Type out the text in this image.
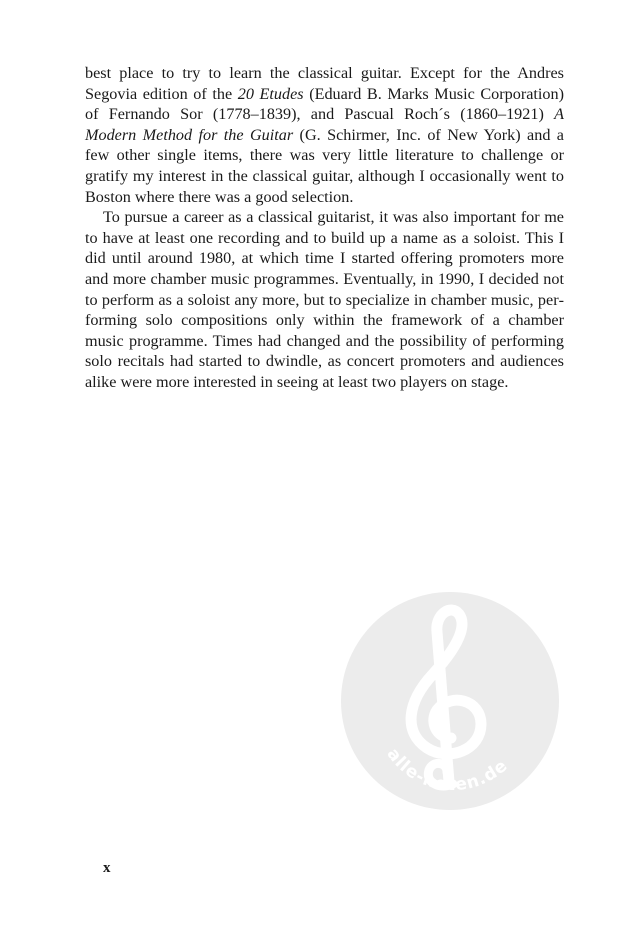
best place to try to learn the classical guitar. Except for the Andres Segovia edition of the 20 Etudes (Eduard B. Marks Music Corporation) of Fernando Sor (1778–1839), and Pascual Roch´s (1860–1921) A Modern Method for the Guitar (G. Schirmer, Inc. of New York) and a few other single items, there was very little literature to challenge or gratify my interest in the classical guitar, although I occasionally went to Boston where there was a good selection.

To pursue a career as a classical guitarist, it was also important for me to have at least one recording and to build up a name as a soloist. This I did until around 1980, at which time I started offering promoters more and more chamber music programmes. Eventually, in 1990, I decided not to perform as a soloist any more, but to specialize in chamber music, performing solo compositions only within the framework of a chamber music programme. Times had changed and the possibility of performing solo recitals had started to dwindle, as concert promoters and audiences alike were more interested in seeing at least two players on stage.

alle-noten.de
x
